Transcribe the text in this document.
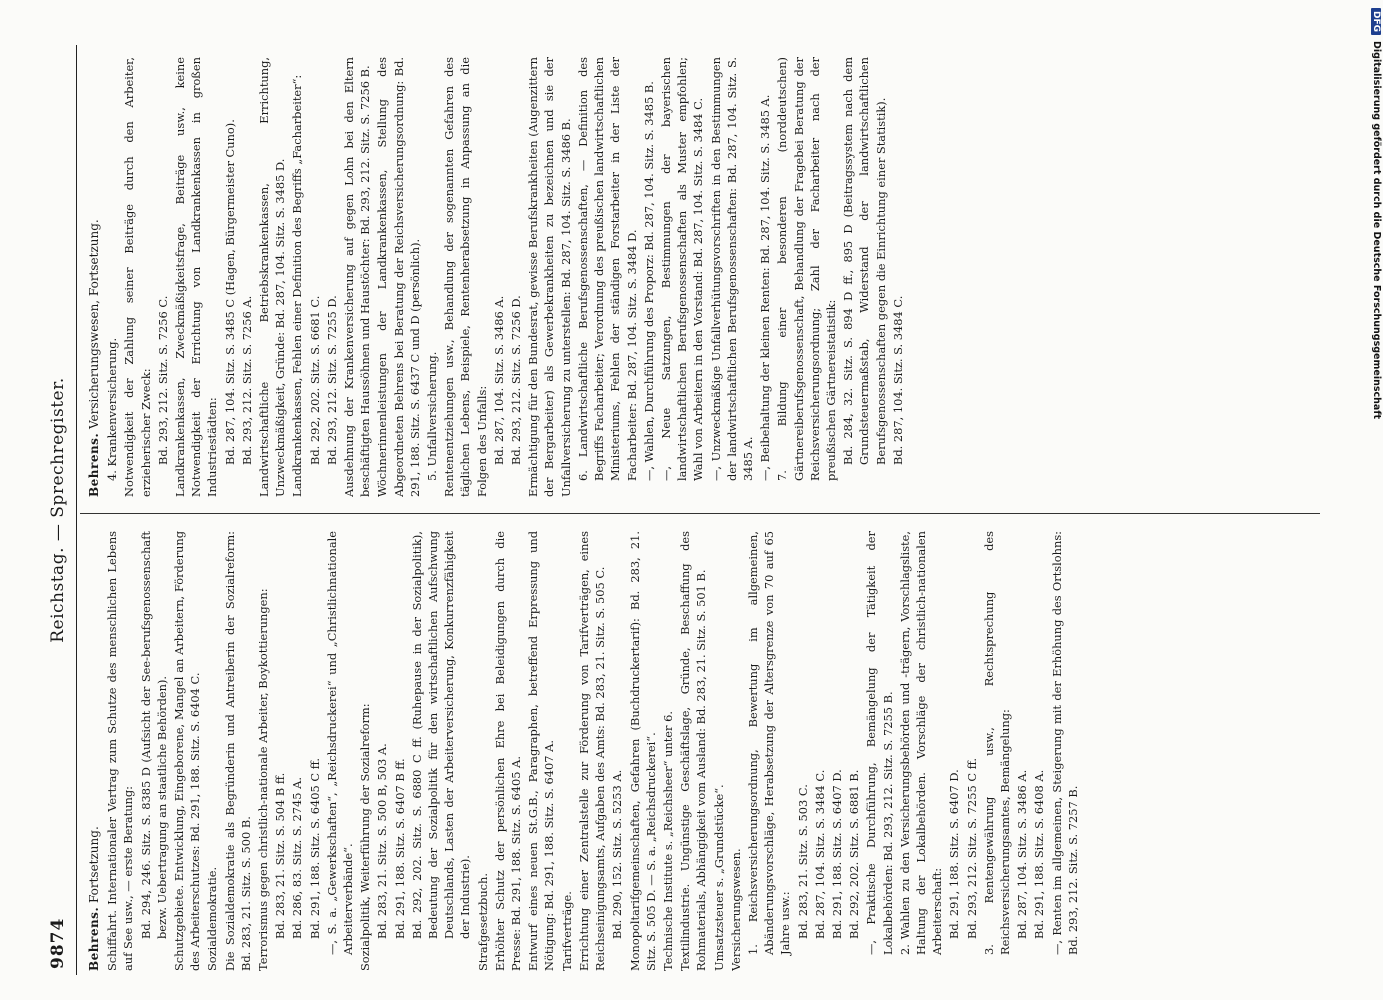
9874
Reichstag. — Sprechregister.
Behrens. Fortsetzung. Schiffahrt. Internationaler Vertrag zum Schutze des menschlichen Lebens auf See usw., — erste Beratung: Bd. 294, 246. Sitz. S. 8385 D (Aufsicht der See-berufsgenossenschaft bezw. Uebertragung an staatliche Behörden). Schutzgebiete. Entwicklung, Eingeborene, Mangel an Arbeitern, Förderung des Arbeiterschutzes: Bd. 291, 188. Sitz. S. 6404 C. Sozialdemokratie. Die Sozialdemokratie als Begründerin und Antreiberin der Sozialreform: Bd. 283, 21. Sitz. S. 500 B. Terrorismus gegen christlich-nationale Arbeiter, Boykottierungen: Bd. 283, 21. Sitz. S. 504 B ff. Bd. 286, 83. Sitz. S. 2745 A. Bd. 291, 188. Sitz. S. 6405 C ff. —, S. a. „Gewerkschaften“, „Reichsdruckerei“ und „Christlichnationale Arbeiterverbände“. Sozialpolitik, Weiterführung der Sozialreform: Bd. 283, 21. Sitz. S. 500 B, 503 A. Bd. 291, 188. Sitz. S. 6407 B ff. Bd. 292, 202. Sitz. S. 6880 C ff. (Ruhepause in der Sozialpolitik), Bedeutung der Sozialpolitik für den wirtschaftlichen Aufschwung Deutschlands, Lasten der Arbeiterversicherung, Konkurrenzfähigkeit der Industrie). Strafgesetzbuch. Erhöhter Schutz der persönlichen Ehre bei Beleidigungen durch die Presse: Bd. 291, 188. Sitz. S. 6405 A. Entwurf eines neuen St.G.B., Paragraphen, betreffend Erpressung und Nötigung: Bd. 291, 188. Sitz. S. 6407 A. Tarifverträge. Errichtung einer Zentralstelle zur Förderung von Tarifverträgen, eines Reichseinigungsamts, Aufgaben des Amts: Bd. 283, 21. Sitz. S. 505 C. Bd. 290, 152. Sitz. S. 5253 A. Monopoltarifgemeinschaften, Gefahren (Buchdruckertarif): Bd. 283, 21. Sitz. S. 505 D. — S. a. „Reichsdruckerei“. Technische Institute s. „Reichsheer“ unter 6. Textilindustrie. Ungünstige Geschäftslage, Gründe, Beschaffung des Rohmaterials, Abhängigkeit vom Ausland: Bd. 283, 21. Sitz. S. 501 B. Umsatzsteuer s. „Grundstücke“. Versicherungswesen. 1. Reichsversicherungsordnung, Bewertung im allgemeinen, Abänderungsvorschläge, Herabsetzung der Altersgrenze von 70 auf 65 Jahre usw.: Bd. 283, 21. Sitz. S. 503 C. Bd. 287, 104. Sitz. S. 3484 C. Bd. 291, 188. Sitz. S. 6407 D. Bd. 292, 202. Sitz. S. 6881 B. —, Praktische Durchführung, Bemängelung der Tätigkeit der Lokalbehörden: Bd. 293, 212. Sitz. S. 7255 B. 2. Wahlen zu den Versicherungsbehörden und -trägern, Vorschlagsliste, Haltung der Lokalbehörden. Vorschläge der christlich-nationalen Arbeiterschaft: Bd. 291, 188. Sitz. S. 6407 D. Bd. 293, 212. Sitz. S. 7255 C ff. 3. Rentengewährung usw., Rechtsprechung des Reichsversicherungsamtes, Bemängelung: Bd. 287, 104. Sitz. S. 3486 A. Bd. 291, 188. Sitz. S. 6408 A. —, Renten im allgemeinen, Steigerung mit der Erhöhung des Ortslohns: Bd. 293, 212. Sitz. S. 7257 B.
Behrens. Versicherungswesen, Fortsetzung. 4. Krankenversicherung. Notwendigkeit der Zahlung seiner Beiträge durch den Arbeiter, erzieherischer Zweck: Bd. 293, 212. Sitz. S. 7256 C. Landkrankenkassen, Zweckmäßigkeitsfrage, Beiträge usw., keine Notwendigkeit der Errichtung von Landkrankenkassen in großen Industriestädten: Bd. 287, 104. Sitz. S. 3485 C (Hagen, Bürgermeister Cuno). Bd. 293, 212. Sitz. S. 7256 A. Landwirtschaftliche Betriebskrankenkassen, Errichtung, Unzweckmäßigkeit, Gründe: Bd. 287, 104. Sitz. S. 3485 D. Landkrankenkassen, Fehlen einer Definition des Begriffs „Facharbeiter“: Bd. 292, 202. Sitz. S. 6681 C. Bd. 293, 212. Sitz. S. 7255 D. Ausdehnung der Krankenversicherung auf gegen Lohn bei den Eltern beschäftigten Haussöhnen und Haustöchter: Bd. 293, 212. Sitz. S. 7256 B. Wöchnerinnenleistungen der Landkrankenkassen, Stellung des Abgeordneten Behrens bei Beratung der Reichsversicherungsordnung: Bd. 291, 188. Sitz. S. 6437 C und D (persönlich). 5. Unfallversicherung. Rentenentziehungen usw., Behandlung der sogenannten Gefahren des täglichen Lebens, Beispiele, Rentenherabsetzung in Anpassung an die Folgen des Unfalls: Bd. 287, 104. Sitz. S. 3486 A. Bd. 293, 212. Sitz. S. 7256 D. Ermächtigung für den Bundesrat, gewisse Berufskrankheiten (Augenzittern der Bergarbeiter) als Gewerbekrankheiten zu bezeichnen und sie der Unfallversicherung zu unterstellen: Bd. 287, 104. Sitz. S. 3486 B. 6. Landwirtschaftliche Berufsgenossenschaften, — Definition des Begriffs Facharbeiter; Verordnung des preußischen landwirtschaftlichen Ministeriums, Fehlen der ständigen Forstarbeiter in der Liste der Facharbeiter: Bd. 287, 104. Sitz. S. 3484 D. —, Wahlen, Durchführung des Proporz: Bd. 287, 104. Sitz. S. 3485 B. —, Neue Satzungen, Bestimmungen der bayerischen landwirtschaftlichen Berufsgenossenschaften als Muster empfohlen; Wahl von Arbeitern in den Vorstand: Bd. 287, 104. Sitz. S. 3484 C. —, Unzweckmäßige Unfallverhütungsvorschriften in den Bestimmungen der landwirtschaftlichen Berufsgenossenschaften: Bd. 287, 104. Sitz. S. 3485 A. —, Beibehaltung der kleinen Renten: Bd. 287, 104. Sitz. S. 3485 A. 7. Bildung einer besonderen (norddeutschen) Gärtnereiberufsgenossenschaft, Behandlung der Fragebei Beratung der Reichsversicherungsordnung; Zahl der Facharbeiter nach der preußischen Gärtnereistatistik: Bd. 284, 32. Sitz. S. 894 D ff., 895 D (Beitragssystem nach dem Grundsteuermaßstab, Widerstand der landwirtschaftlichen Berufsgenossenschaften gegen die Einrichtung einer Statistik). Bd. 287, 104. Sitz. S. 3484 C.
DFGDigitalisierung gefördert durch die Deutsche Forschungsgemeinschaft
